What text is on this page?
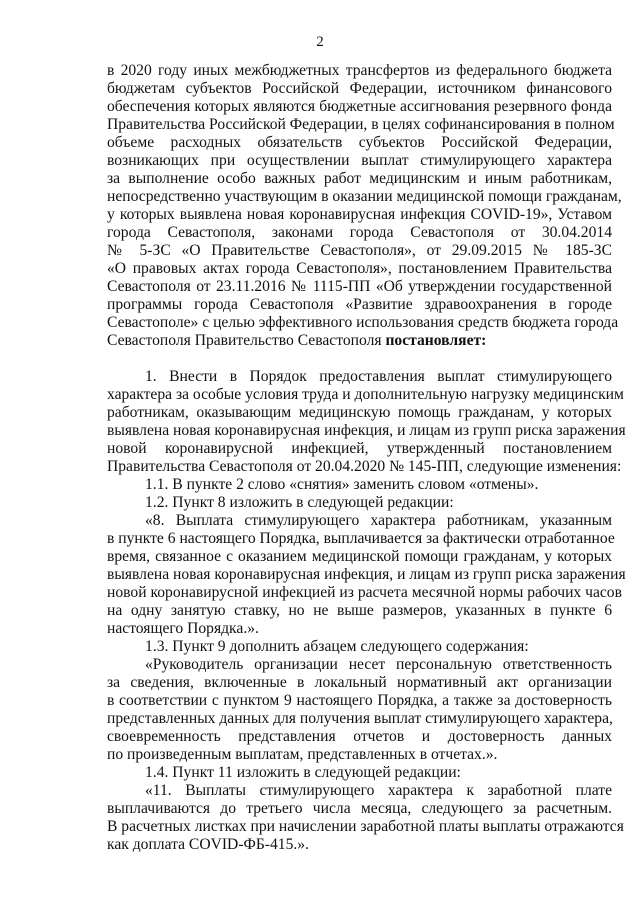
2
в 2020 году иных межбюджетных трансфертов из федерального бюджета
бюджетам субъектов Российской Федерации, источником финансового
обеспечения которых являются бюджетные ассигнования резервного фонда
Правительства Российской Федерации, в целях софинансирования в полном
объеме расходных обязательств субъектов Российской Федерации,
возникающих при осуществлении выплат стимулирующего характера
за выполнение особо важных работ медицинским и иным работникам,
непосредственно участвующим в оказании медицинской помощи гражданам,
у которых выявлена новая коронавирусная инфекция COVID-19», Уставом
города Севастополя, законами города Севастополя от 30.04.2014
№ 5-ЗС «О Правительстве Севастополя», от 29.09.2015 № 185-ЗС
«О правовых актах города Севастополя», постановлением Правительства
Севастополя от 23.11.2016 № 1115-ПП «Об утверждении государственной
программы города Севастополя «Развитие здравоохранения в городе
Севастополе» с целью эффективного использования средств бюджета города
Севастополя Правительство Севастополя постановляет:
1. Внести в Порядок предоставления выплат стимулирующего
характера за особые условия труда и дополнительную нагрузку медицинским
работникам, оказывающим медицинскую помощь гражданам, у которых
выявлена новая коронавирусная инфекция, и лицам из групп риска заражения
новой коронавирусной инфекцией, утвержденный постановлением
Правительства Севастополя от 20.04.2020 № 145-ПП, следующие изменения:
1.1. В пункте 2 слово «снятия» заменить словом «отмены».
1.2. Пункт 8 изложить в следующей редакции:
«8. Выплата стимулирующего характера работникам, указанным
в пункте 6 настоящего Порядка, выплачивается за фактически отработанное
время, связанное с оказанием медицинской помощи гражданам, у которых
выявлена новая коронавирусная инфекция, и лицам из групп риска заражения
новой коронавирусной инфекцией из расчета месячной нормы рабочих часов
на одну занятую ставку, но не выше размеров, указанных в пункте 6
настоящего Порядка.».
1.3. Пункт 9 дополнить абзацем следующего содержания:
«Руководитель организации несет персональную ответственность
за сведения, включенные в локальный нормативный акт организации
в соответствии с пунктом 9 настоящего Порядка, а также за достоверность
представленных данных для получения выплат стимулирующего характера,
своевременность представления отчетов и достоверность данных
по произведенным выплатам, представленных в отчетах.».
1.4. Пункт 11 изложить в следующей редакции:
«11. Выплаты стимулирующего характера к заработной плате
выплачиваются до третьего числа месяца, следующего за расчетным.
В расчетных листках при начислении заработной платы выплаты отражаются
как доплата COVID-ФБ-415.».
